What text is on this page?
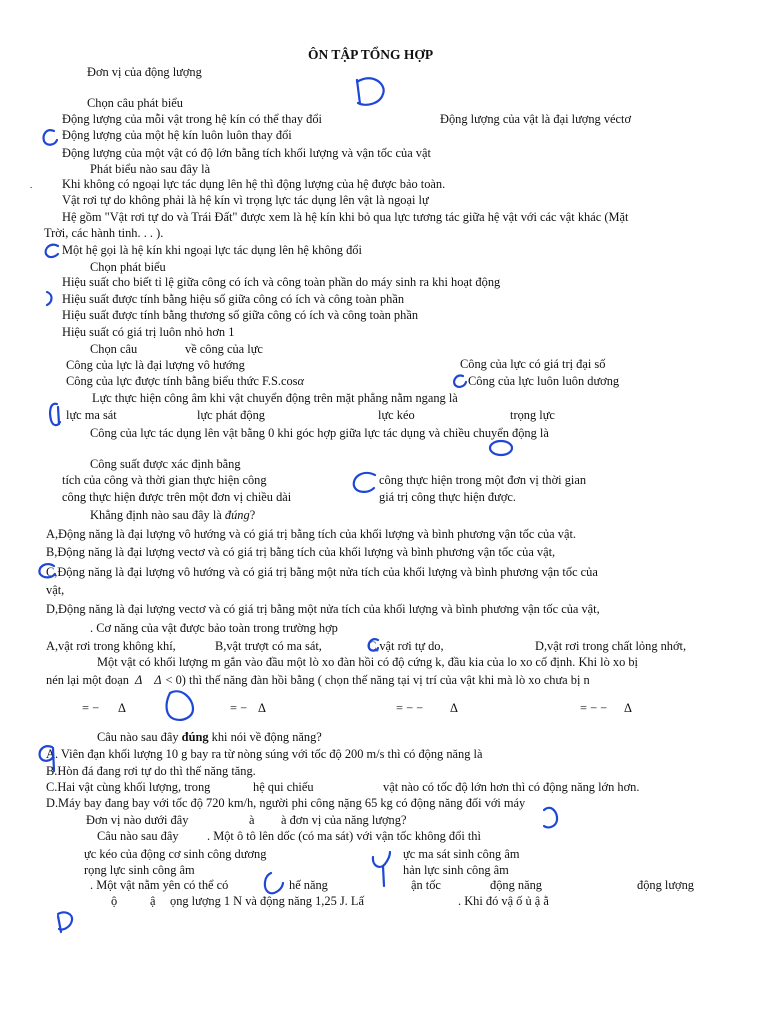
ÔN TẬP TỔNG HỢP
Đơn vị của động lượng
Chọn câu phát biểu
Động lượng của mỗi vật trong hệ kín có thể thay đổi	Động lượng của vật là đại lượng véctơ
Động lượng của một hệ kín luôn luôn thay đổi
Động lượng của một vật có độ lớn bằng tích khối lượng và vận tốc của vật
Phát biểu nào sau đây là
. Khi không có ngoại lực tác dụng lên hệ thì động lượng của hệ được bảo toàn.
Vật rơi tự do không phải là hệ kín vì trọng lực tác dụng lên vật là ngoại lự
Hệ gồm "Vật rơi tự do và Trái Đất" được xem là hệ kín khi bỏ qua lực tương tác giữa hệ vật với các vật khác (Mặt
Trời, các hành tinh. . . ).
Một hệ gọi là hệ kín khi ngoại lực tác dụng lên hệ không đổi
Chọn phát biểu
Hiệu suất cho biết tỉ lệ giữa công có ích và công toàn phần do máy sinh ra khi hoạt động
Hiệu suất được tính bằng hiệu số giữa công có ích và công toàn phần
Hiệu suất được tính bằng thương số giữa công có ích và công toàn phần
Hiệu suất có giá trị luôn nhỏ hơn 1
Chọn câu	về công của lực
Công của lực là đại lượng vô hướng	Công của lực có giá trị đại số
Công của lực được tính bằng biểu thức F.S.cosα	Công của lực luôn luôn dương
Lực thực hiện công âm khi vật chuyển động trên mặt phẳng nằm ngang là
lực ma sát	lực phát động	lực kéo	trọng lực
Công của lực tác dụng lên vật bằng 0 khi góc hợp giữa lực tác dụng và chiều chuyển động là
Công suất được xác định bằng
tích của công và thời gian thực hiện công	công thực hiện trong một đơn vị thời gian
công thực hiện được trên một đơn vị chiều dài	giá trị công thực hiện được.
Khẳng định nào sau đây là đúng?
A,Động năng là đại lượng vô hướng và có giá trị bằng tích của khối lượng và bình phương vận tốc của vật.
B,Động năng là đại lượng vectơ và có giá trị bằng tích của khối lượng và bình phương vận tốc của vật,
C,Động năng là đại lượng vô hướng và có giá trị bằng một nửa tích của khối lượng và bình phương vận tốc của
vật,
D,Động năng là đại lượng vectơ và có giá trị bằng một nửa tích của khối lượng và bình phương vận tốc của vật,
. Cơ năng của vật được bảo toàn trong trường hợp
A,vật rơi trong không khí,	B,vật trượt có ma sát,	C,vật rơi tự do,	D,vật rơi trong chất lỏng nhớt,
Một vật có khối lượng m gắn vào đầu một lò xo đàn hồi có độ cứng k, đầu kia của lo xo cố định. Khi lò xo bị
nén lại một đoạn Δ Δ < 0) thì thế năng đàn hồi bằng ( chọn thế năng tại vị trí của vật khi mà lò xo chưa bị n
= − Δ	= − Δ	= − − Δ	= − − Δ
Câu nào sau đây đúng khi nói về động năng?
A. Viên đạn khối lượng 10 g bay ra từ nòng súng với tốc độ 200 m/s thì có động năng là
B.Hòn đá đang rơi tự do thì thế năng tăng.
C.Hai vật cùng khối lượng, trong	hệ qui chiếu	vật nào có tốc độ lớn hơn thì có động năng lớn hơn.
D.Máy bay đang bay với tốc độ 720 km/h, người phi công nặng 65 kg có động năng đối với máy
Đơn vị nào dưới đây	à à đơn vị của năng lượng?
Câu nào sau đây . Một ô tô lên dốc (có ma sát) với vận tốc không đổi thì
ực kéo của động cơ sinh công dương	ực ma sát sinh công âm
rọng lực sinh công âm	hản lực sinh công âm
. Một vật nằm yên có thể có	hế năng	ận tốc	động năng	động lượng
ộ	ậ ọng lượng 1 N và động năng 1,25 J. Lấ	. Khi đó vậ ố ủ ậ ằ
